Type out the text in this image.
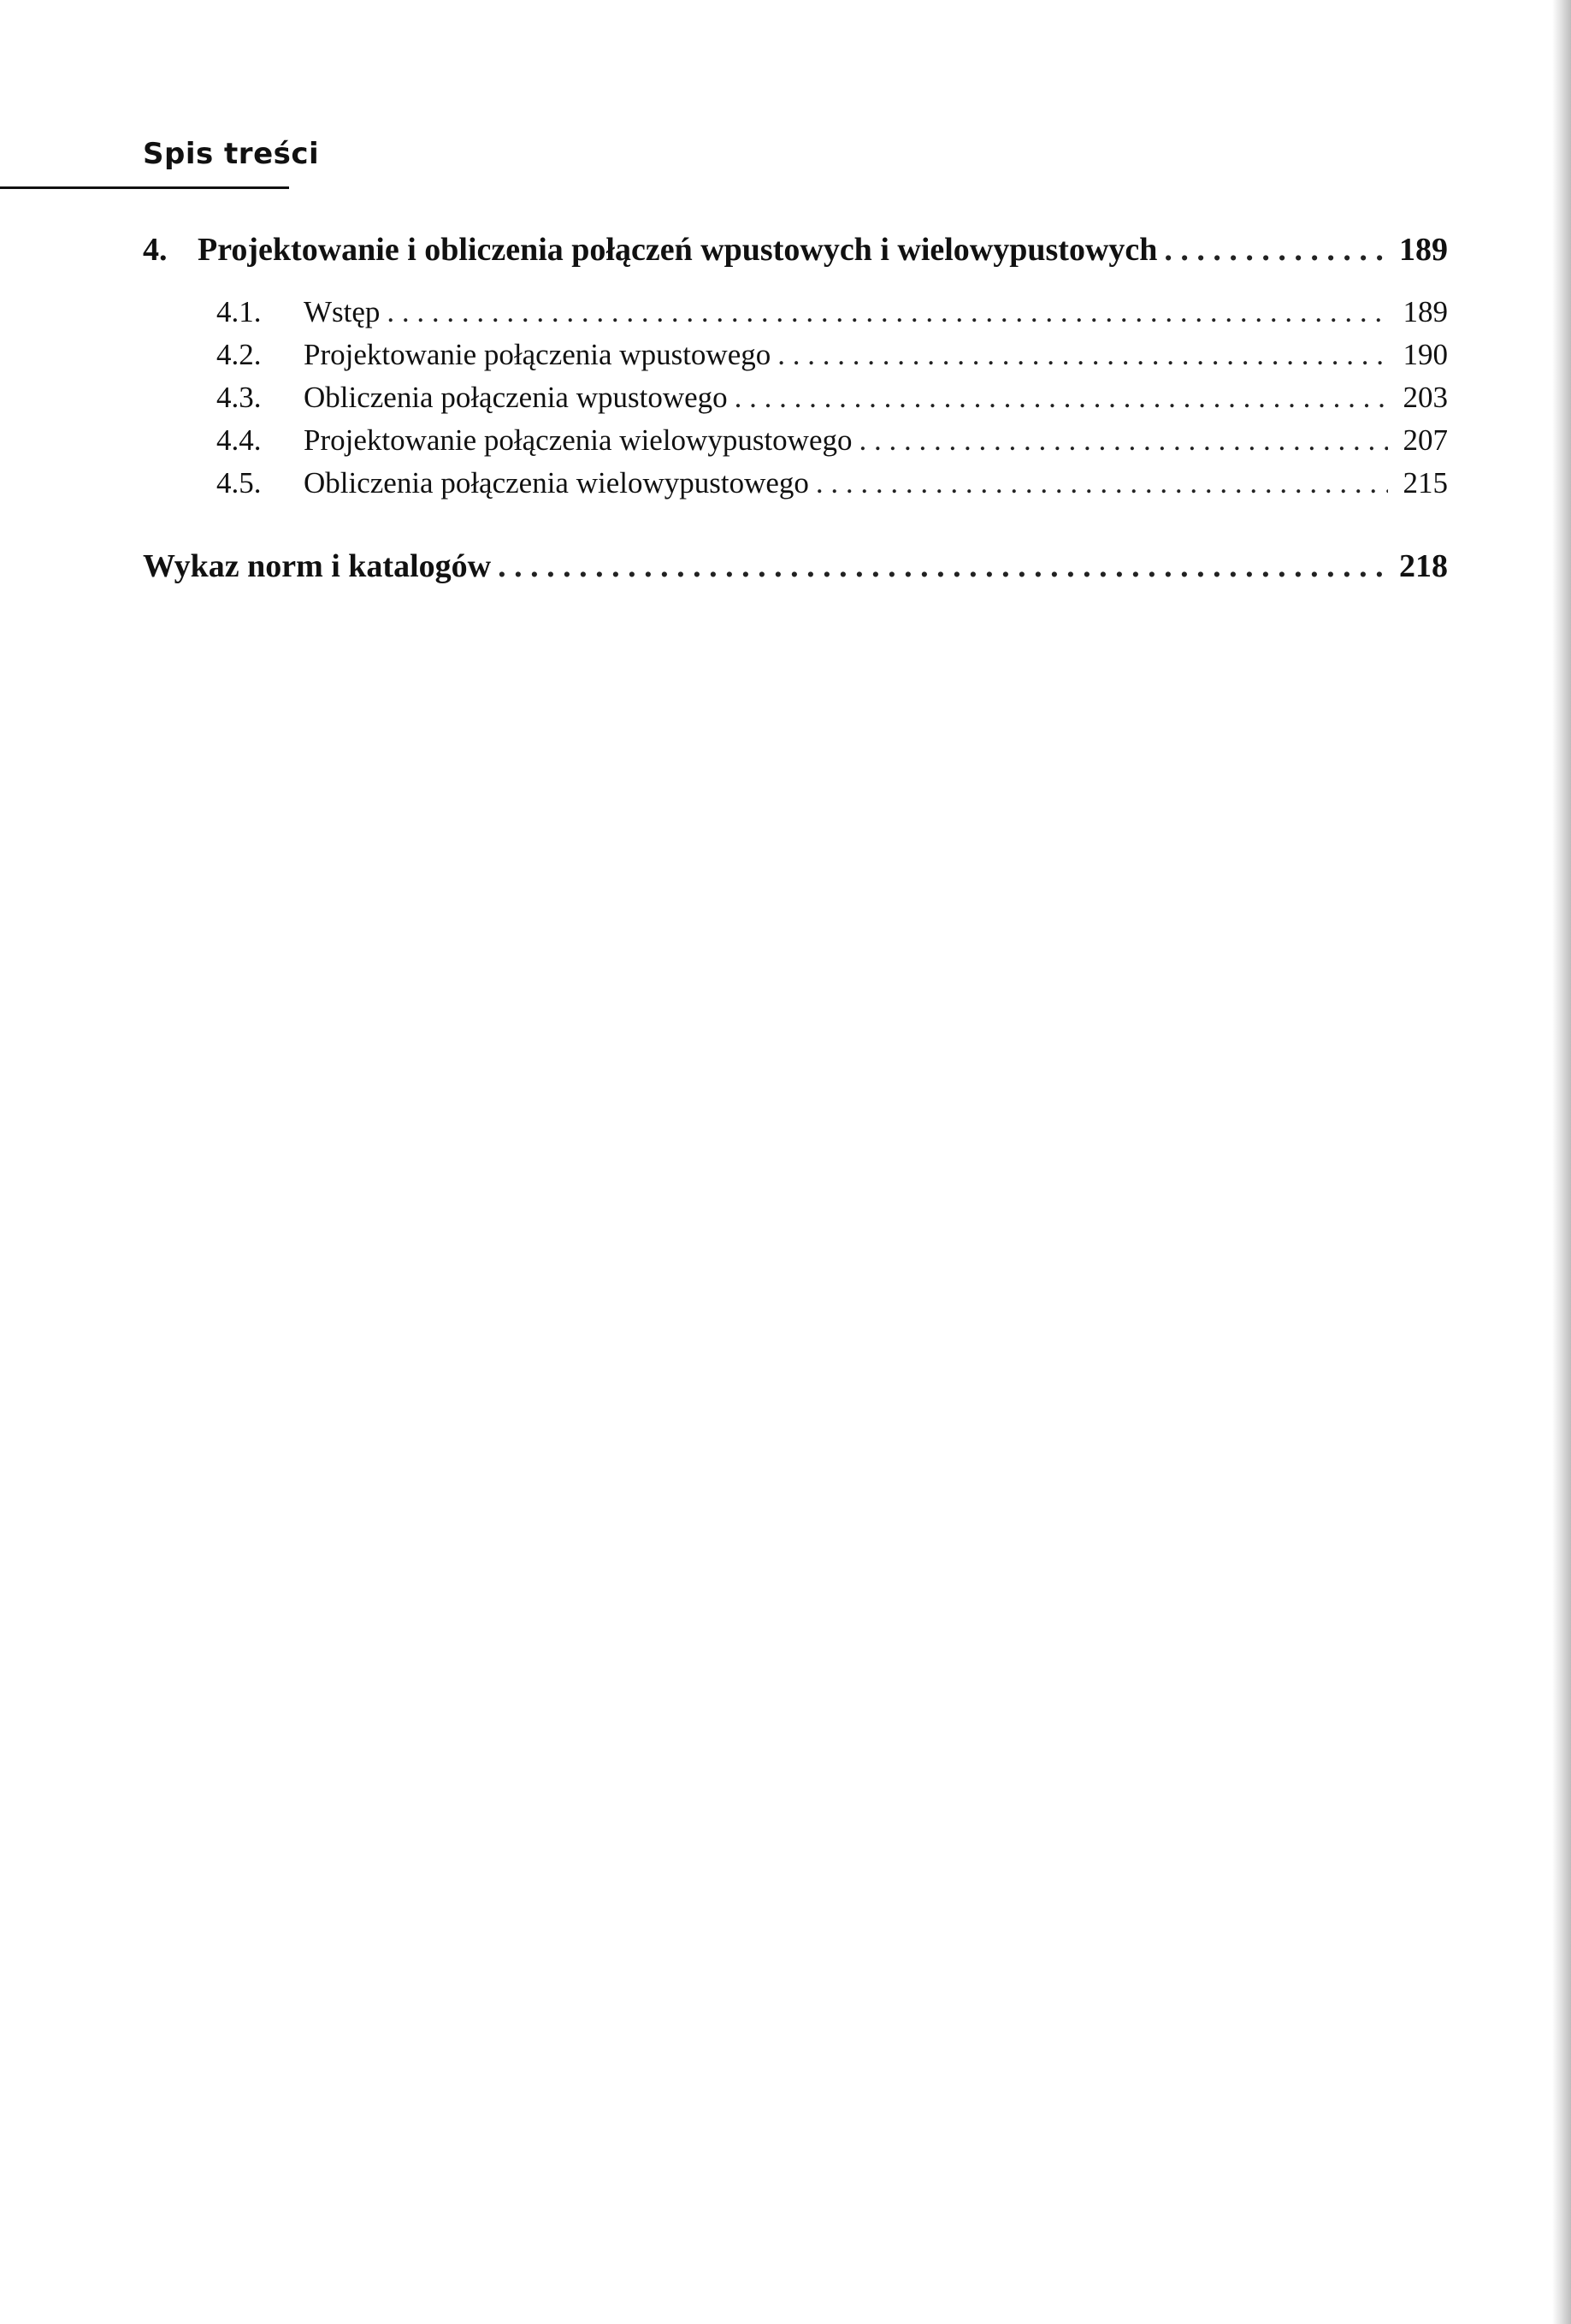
Spis treści
4. Projektowanie i obliczenia połączeń wpustowych i wielowypustowych . . .	189
4.1.	Wstęp . . .	189
4.2.	Projektowanie połączenia wpustowego . . .	190
4.3.	Obliczenia połączenia wpustowego . . .	203
4.4.	Projektowanie połączenia wielowypustowego . . .	207
4.5.	Obliczenia połączenia wielowypustowego . . .	215
Wykaz norm i katalogów . . .	218
